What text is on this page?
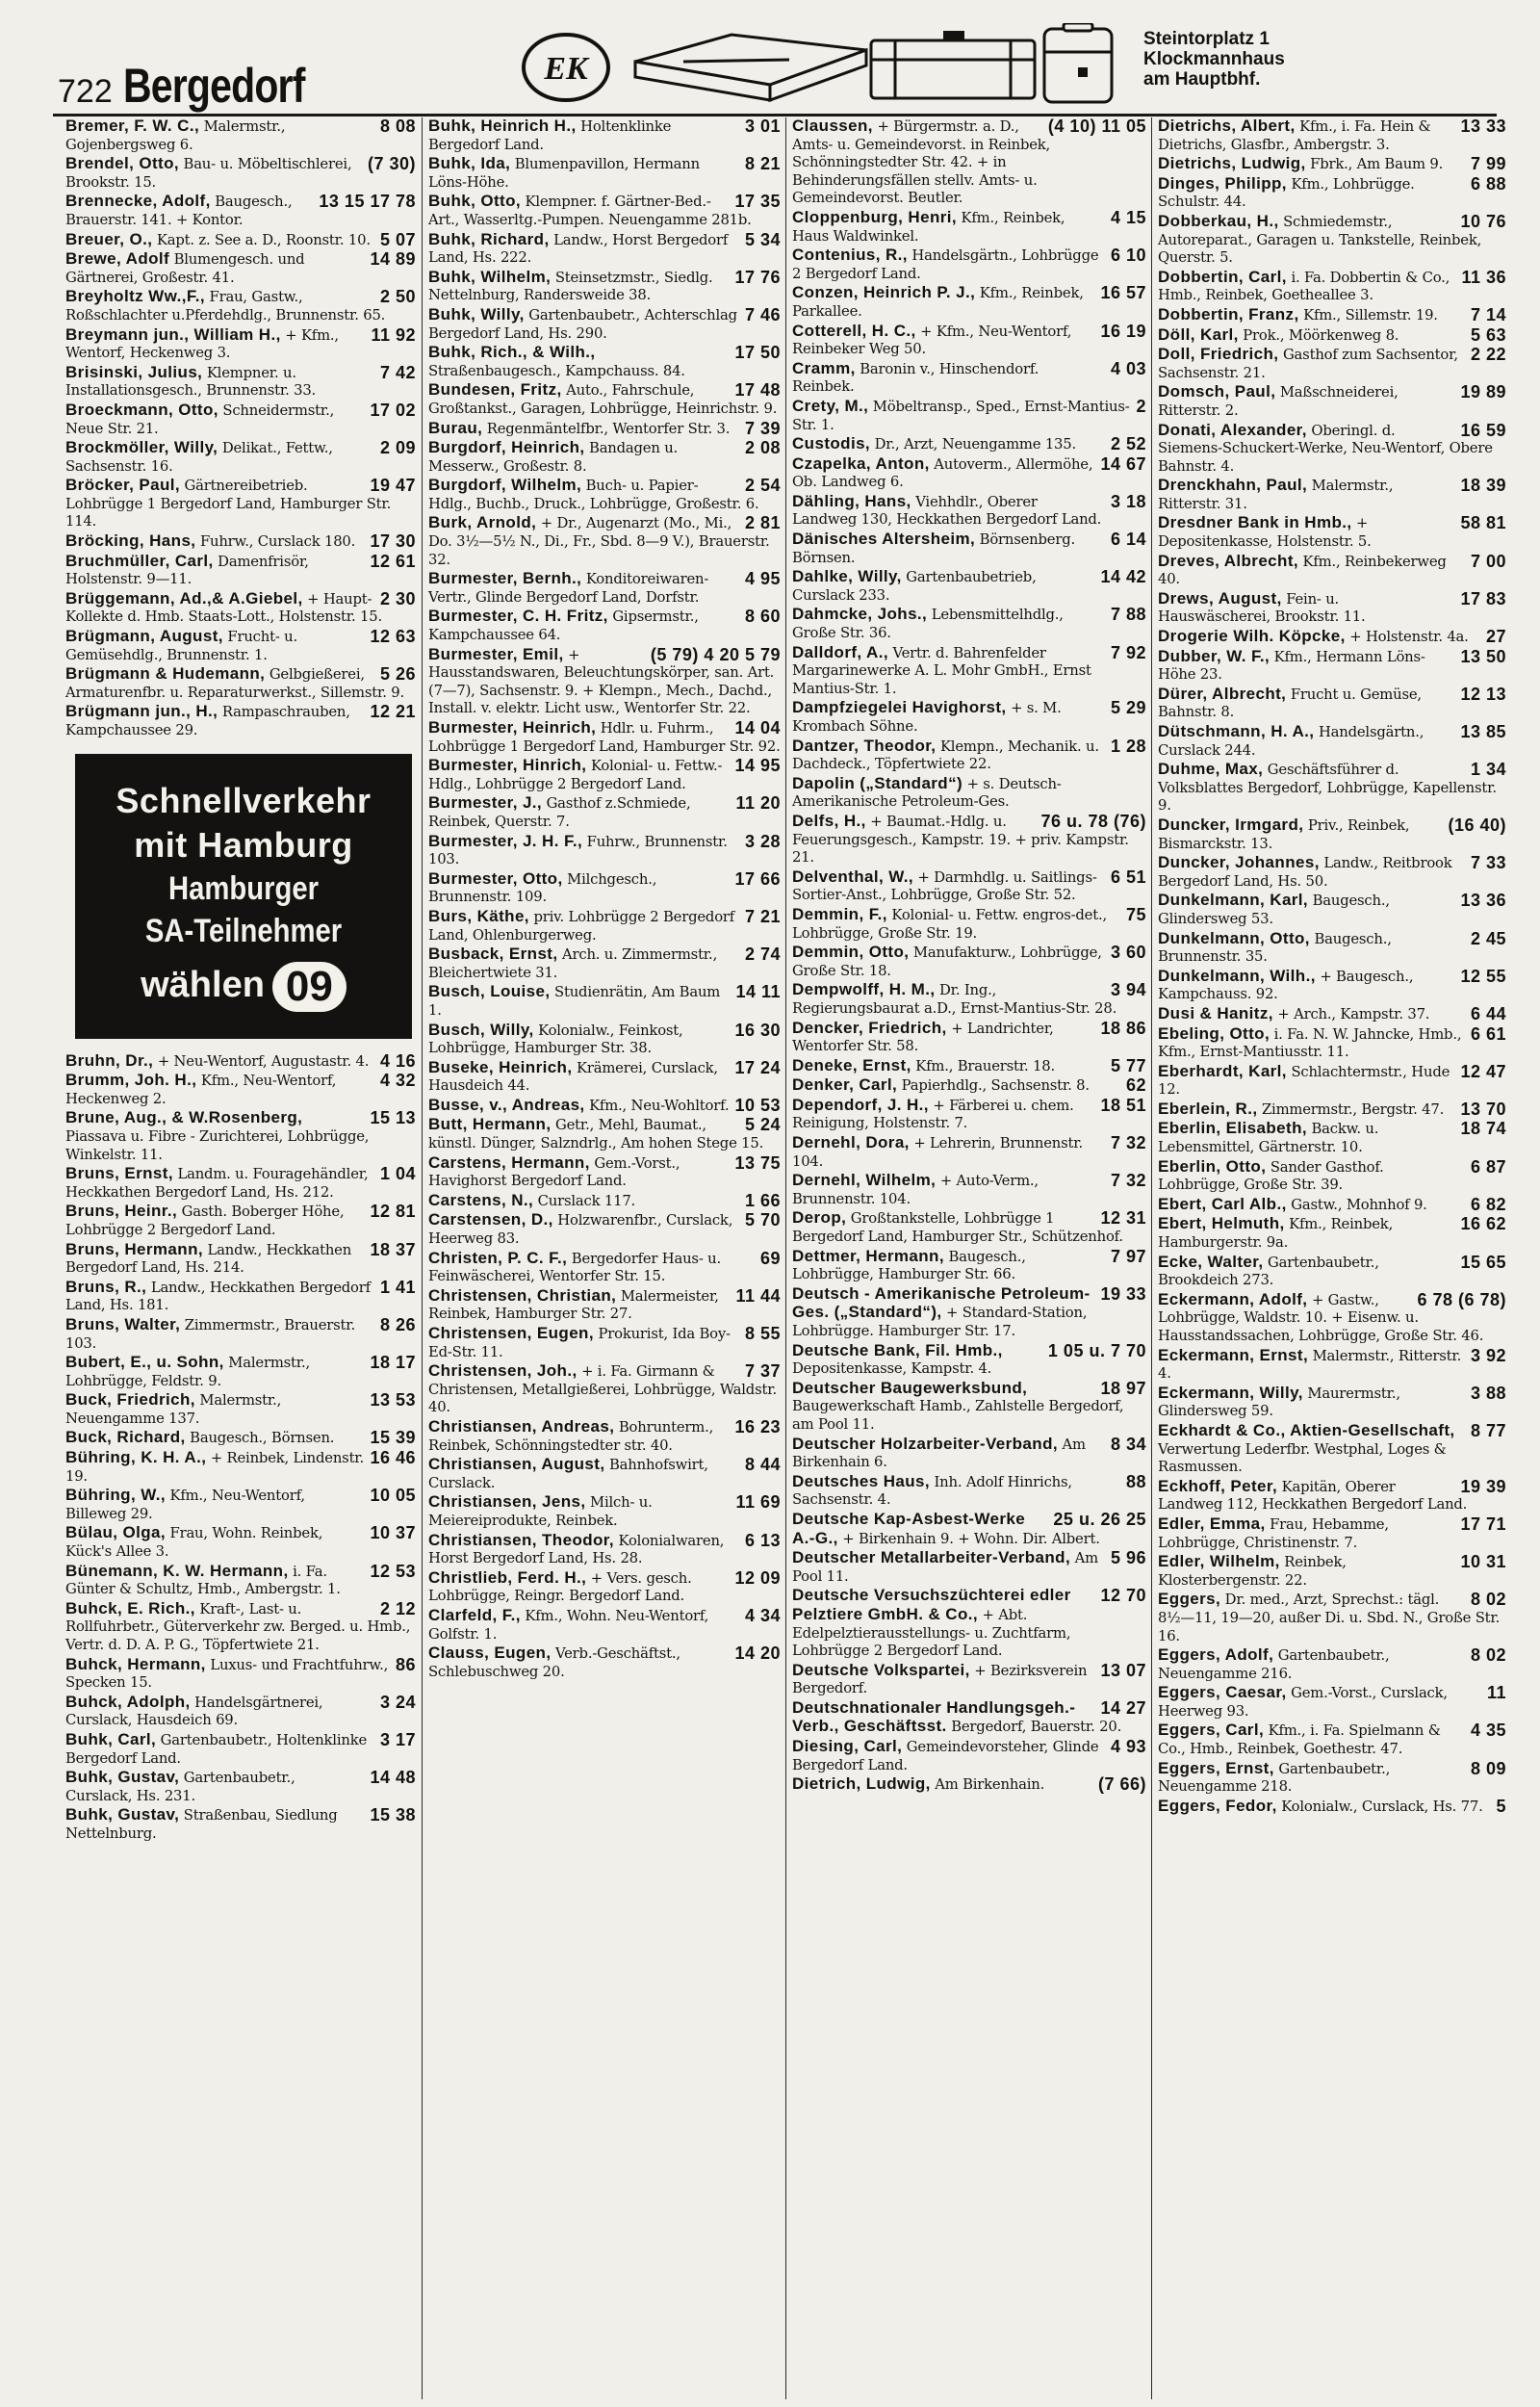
722 Bergedorf	EK
Steintorplatz 1
Klockmannhaus
am Hauptbhf.
8 08
Bremer, F. W. C., Malermstr., Gojenbergsweg 6.
(7 30)
Brendel, Otto, Bau- u. Möbeltischlerei, Brookstr. 15.
13 15 17 78
Brennecke, Adolf, Baugesch., Brauerstr. 141. + Kontor.
5 07
Breuer, O., Kapt. z. See a. D., Roonstr. 10.
14 89
Brewe, Adolf Blumengesch. und Gärtnerei, Großestr. 41.
2 50
Breyholtz Ww.,F., Frau, Gastw., Roßschlachter u.Pferdehdlg., Brunnenstr. 65.
11 92
Breymann jun., William H., + Kfm., Wentorf, Heckenweg 3.
7 42
Brisinski, Julius, Klempner. u. Installationsgesch., Brunnenstr. 33.
17 02
Broeckmann, Otto, Schneidermstr., Neue Str. 21.
2 09
Brockmöller, Willy, Delikat., Fettw., Sachsenstr. 16.
19 47
Bröcker, Paul, Gärtnereibetrieb. Lohbrügge 1 Bergedorf Land, Hamburger Str. 114.
17 30
Bröcking, Hans, Fuhrw., Curslack 180.
12 61
Bruchmüller, Carl, Damenfrisör, Holstenstr. 9—11.
2 30
Brüggemann, Ad.,& A.Giebel, + Haupt-Kollekte d. Hmb. Staats-Lott., Holstenstr. 15.
12 63
Brügmann, August, Frucht- u. Gemüsehdlg., Brunnenstr. 1.
5 26
Brügmann & Hudemann, Gelbgießerei, Armaturenfbr. u. Reparaturwerkst., Sillemstr. 9.
12 21
Brügmann jun., H., Rampaschrauben, Kampchaussee 29.
Schnellverkehr
mit Hamburg
Hamburger
SA-Teilnehmer
wählen 09
4 16
Bruhn, Dr., + Neu-Wentorf, Augustastr. 4.
4 32
Brumm, Joh. H., Kfm., Neu-Wentorf, Heckenweg 2.
15 13
Brune, Aug., & W.Rosenberg, Piassava u. Fibre - Zurichterei, Lohbrügge, Winkelstr. 11.
1 04
Bruns, Ernst, Landm. u. Fouragehändler, Heckkathen Bergedorf Land, Hs. 212.
12 81
Bruns, Heinr., Gasth. Boberger Höhe, Lohbrügge 2 Bergedorf Land.
18 37
Bruns, Hermann, Landw., Heckkathen Bergedorf Land, Hs. 214.
1 41
Bruns, R., Landw., Heckkathen Bergedorf Land, Hs. 181.
8 26
Bruns, Walter, Zimmermstr., Brauerstr. 103.
18 17
Bubert, E., u. Sohn, Malermstr., Lohbrügge, Feldstr. 9.
13 53
Buck, Friedrich, Malermstr., Neuengamme 137.
15 39
Buck, Richard, Baugesch., Börnsen.
16 46
Bühring, K. H. A., + Reinbek, Lindenstr. 19.
10 05
Bühring, W., Kfm., Neu-Wentorf, Billeweg 29.
10 37
Bülau, Olga, Frau, Wohn. Reinbek, Kück's Allee 3.
12 53
Bünemann, K. W. Hermann, i. Fa. Günter & Schultz, Hmb., Ambergstr. 1.
2 12
Buhck, E. Rich., Kraft-, Last- u. Rollfuhrbetr., Güterverkehr zw. Berged. u. Hmb., Vertr. d. D. A. P. G., Töpfertwiete 21.
86
Buhck, Hermann, Luxus- und Frachtfuhrw., Specken 15.
3 24
Buhck, Adolph, Handelsgärtnerei, Curslack, Hausdeich 69.
3 17
Buhk, Carl, Gartenbaubetr., Holtenklinke Bergedorf Land.
14 48
Buhk, Gustav, Gartenbaubetr., Curslack, Hs. 231.
15 38
Buhk, Gustav, Straßenbau, Siedlung Nettelnburg.
3 01
Buhk, Heinrich H., Holtenklinke Bergedorf Land.
8 21
Buhk, Ida, Blumenpavillon, Hermann Löns-Höhe.
17 35
Buhk, Otto, Klempner. f. Gärtner-Bed.-Art., Wasserltg.-Pumpen. Neuengamme 281b.
5 34
Buhk, Richard, Landw., Horst Bergedorf Land, Hs. 222.
17 76
Buhk, Wilhelm, Steinsetzmstr., Siedlg. Nettelnburg, Randersweide 38.
7 46
Buhk, Willy, Gartenbaubetr., Achterschlag Bergedorf Land, Hs. 290.
17 50
Buhk, Rich., & Wilh., Straßenbaugesch., Kampchauss. 84.
17 48
Bundesen, Fritz, Auto., Fahrschule, Großtankst., Garagen, Lohbrügge, Heinrichstr. 9.
7 39
Burau, Regenmäntelfbr., Wentorfer Str. 3.
2 08
Burgdorf, Heinrich, Bandagen u. Messerw., Großestr. 8.
2 54
Burgdorf, Wilhelm, Buch- u. Papier-Hdlg., Buchb., Druck., Lohbrügge, Großestr. 6.
2 81
Burk, Arnold, + Dr., Augenarzt (Mo., Mi., Do. 3½—5½ N., Di., Fr., Sbd. 8—9 V.), Brauerstr. 32.
4 95
Burmester, Bernh., Konditoreiwaren-Vertr., Glinde Bergedorf Land, Dorfstr.
8 60
Burmester, C. H. Fritz, Gipsermstr., Kampchaussee 64.
(5 79) 4 20 5 79
Burmester, Emil, + Hausstandswaren, Beleuchtungskörper, san. Art. (7—7), Sachsenstr. 9. + Klempn., Mech., Dachd., Install. v. elektr. Licht usw., Wentorfer Str. 22.
14 04
Burmester, Heinrich, Hdlr. u. Fuhrm., Lohbrügge 1 Bergedorf Land, Hamburger Str. 92.
14 95
Burmester, Hinrich, Kolonial- u. Fettw.-Hdlg., Lohbrügge 2 Bergedorf Land.
11 20
Burmester, J., Gasthof z.Schmiede, Reinbek, Querstr. 7.
3 28
Burmester, J. H. F., Fuhrw., Brunnenstr. 103.
17 66
Burmester, Otto, Milchgesch., Brunnenstr. 109.
7 21
Burs, Käthe, priv. Lohbrügge 2 Bergedorf Land, Ohlenburgerweg.
2 74
Busback, Ernst, Arch. u. Zimmermstr., Bleichertwiete 31.
14 11
Busch, Louise, Studienrätin, Am Baum 1.
16 30
Busch, Willy, Kolonialw., Feinkost, Lohbrügge, Hamburger Str. 38.
17 24
Buseke, Heinrich, Krämerei, Curslack, Hausdeich 44.
10 53
Busse, v., Andreas, Kfm., Neu-Wohltorf.
5 24
Butt, Hermann, Getr., Mehl, Baumat., künstl. Dünger, Salzndrlg., Am hohen Stege 15.
13 75
Carstens, Hermann, Gem.-Vorst., Havighorst Bergedorf Land.
1 66
Carstens, N., Curslack 117.
5 70
Carstensen, D., Holzwarenfbr., Curslack, Heerweg 83.
69
Christen, P. C. F., Bergedorfer Haus- u. Feinwäscherei, Wentorfer Str. 15.
11 44
Christensen, Christian, Malermeister, Reinbek, Hamburger Str. 27.
8 55
Christensen, Eugen, Prokurist, Ida Boy-Ed-Str. 11.
7 37
Christensen, Joh., + i. Fa. Girmann & Christensen, Metallgießerei, Lohbrügge, Waldstr. 40.
16 23
Christiansen, Andreas, Bohrunterm., Reinbek, Schönningstedter str. 40.
8 44
Christiansen, August, Bahnhofswirt, Curslack.
11 69
Christiansen, Jens, Milch- u. Meiereiprodukte, Reinbek.
6 13
Christiansen, Theodor, Kolonialwaren, Horst Bergedorf Land, Hs. 28.
12 09
Christlieb, Ferd. H., + Vers. gesch. Lohbrügge, Reingr. Bergedorf Land.
4 34
Clarfeld, F., Kfm., Wohn. Neu-Wentorf, Golfstr. 1.
14 20
Clauss, Eugen, Verb.-Geschäftst., Schlebuschweg 20.
(4 10) 11 05
Claussen, + Bürgermstr. a. D., Amts- u. Gemeindevorst. in Reinbek, Schönningstedter Str. 42. + in Behinderungsfällen stellv. Amts- u. Gemeindevorst. Beutler.
4 15
Cloppenburg, Henri, Kfm., Reinbek, Haus Waldwinkel.
6 10
Contenius, R., Handelsgärtn., Lohbrügge 2 Bergedorf Land.
16 57
Conzen, Heinrich P. J., Kfm., Reinbek, Parkallee.
16 19
Cotterell, H. C., + Kfm., Neu-Wentorf, Reinbeker Weg 50.
4 03
Cramm, Baronin v., Hinschendorf. Reinbek.
2
Crety, M., Möbeltransp., Sped., Ernst-Mantius-Str. 1.
2 52
Custodis, Dr., Arzt, Neuengamme 135.
14 67
Czapelka, Anton, Autoverm., Allermöhe, Ob. Landweg 6.
3 18
Dähling, Hans, Viehhdlr., Oberer Landweg 130, Heckkathen Bergedorf Land.
6 14
Dänisches Altersheim, Börnsenberg. Börnsen.
14 42
Dahlke, Willy, Gartenbaubetrieb, Curslack 233.
7 88
Dahmcke, Johs., Lebensmittelhdlg., Große Str. 36.
7 92
Dalldorf, A., Vertr. d. Bahrenfelder Margarinewerke A. L. Mohr GmbH., Ernst Mantius-Str. 1.
5 29
Dampfziegelei Havighorst, + s. M. Krombach Söhne.
1 28
Dantzer, Theodor, Klempn., Mechanik. u. Dachdeck., Töpfertwiete 22.
Dapolin („Standard“) + s. Deutsch-Amerikanische Petroleum-Ges.
76 u. 78 (76)
Delfs, H., + Baumat.-Hdlg. u. Feuerungsgesch., Kampstr. 19. + priv. Kampstr. 21.
6 51
Delventhal, W., + Darmhdlg. u. Saitlings-Sortier-Anst., Lohbrügge, Große Str. 52.
75
Demmin, F., Kolonial- u. Fettw. engros-det., Lohbrügge, Große Str. 19.
3 60
Demmin, Otto, Manufakturw., Lohbrügge, Große Str. 18.
3 94
Dempwolff, H. M., Dr. Ing., Regierungsbaurat a.D., Ernst-Mantius-Str. 28.
18 86
Dencker, Friedrich, + Landrichter, Wentorfer Str. 58.
5 77
Deneke, Ernst, Kfm., Brauerstr. 18.
62
Denker, Carl, Papierhdlg., Sachsenstr. 8.
18 51
Dependorf, J. H., + Färberei u. chem. Reinigung, Holstenstr. 7.
7 32
Dernehl, Dora, + Lehrerin, Brunnenstr. 104.
7 32
Dernehl, Wilhelm, + Auto-Verm., Brunnenstr. 104.
12 31
Derop, Großtankstelle, Lohbrügge 1 Bergedorf Land, Hamburger Str., Schützenhof.
7 97
Dettmer, Hermann, Baugesch., Lohbrügge, Hamburger Str. 66.
19 33
Deutsch - Amerikanische Petroleum-Ges. („Standard“), + Standard-Station, Lohbrügge. Hamburger Str. 17.
1 05 u. 7 70
Deutsche Bank, Fil. Hmb., Depositenkasse, Kampstr. 4.
18 97
Deutscher Baugewerksbund, Baugewerkschaft Hamb., Zahlstelle Bergedorf, am Pool 11.
8 34
Deutscher Holzarbeiter-Verband, Am Birkenhain 6.
88
Deutsches Haus, Inh. Adolf Hinrichs, Sachsenstr. 4.
25 u. 26 25
Deutsche Kap-Asbest-Werke A.-G., + Birkenhain 9. + Wohn. Dir. Albert.
5 96
Deutscher Metallarbeiter-Verband, Am Pool 11.
12 70
Deutsche Versuchszüchterei edler Pelztiere GmbH. & Co., + Abt. Edelpelztierausstellungs- u. Zuchtfarm, Lohbrügge 2 Bergedorf Land.
13 07
Deutsche Volkspartei, + Bezirksverein Bergedorf.
14 27
Deutschnationaler Handlungsgeh.-Verb., Geschäftsst. Bergedorf, Bauerstr. 20.
4 93
Diesing, Carl, Gemeindevorsteher, Glinde Bergedorf Land.
(7 66)
Dietrich, Ludwig, Am Birkenhain.
13 33
Dietrichs, Albert, Kfm., i. Fa. Hein & Dietrichs, Glasfbr., Ambergstr. 3.
7 99
Dietrichs, Ludwig, Fbrk., Am Baum 9.
6 88
Dinges, Philipp, Kfm., Lohbrügge. Schulstr. 44.
10 76
Dobberkau, H., Schmiedemstr., Autoreparat., Garagen u. Tankstelle, Reinbek, Querstr. 5.
11 36
Dobbertin, Carl, i. Fa. Dobbertin & Co., Hmb., Reinbek, Goetheallee 3.
7 14
Dobbertin, Franz, Kfm., Sillemstr. 19.
5 63
Döll, Karl, Prok., Möörkenweg 8.
2 22
Doll, Friedrich, Gasthof zum Sachsentor, Sachsenstr. 21.
19 89
Domsch, Paul, Maßschneiderei, Ritterstr. 2.
16 59
Donati, Alexander, Oberingl. d. Siemens-Schuckert-Werke, Neu-Wentorf, Obere Bahnstr. 4.
18 39
Drenckhahn, Paul, Malermstr., Ritterstr. 31.
58 81
Dresdner Bank in Hmb., + Depositenkasse, Holstenstr. 5.
7 00
Dreves, Albrecht, Kfm., Reinbekerweg 40.
17 83
Drews, August, Fein- u. Hauswäscherei, Brookstr. 11.
27
Drogerie Wilh. Köpcke, + Holstenstr. 4a.
13 50
Dubber, W. F., Kfm., Hermann Löns-Höhe 23.
12 13
Dürer, Albrecht, Frucht u. Gemüse, Bahnstr. 8.
13 85
Dütschmann, H. A., Handelsgärtn., Curslack 244.
1 34
Duhme, Max, Geschäftsführer d. Volksblattes Bergedorf, Lohbrügge, Kapellenstr. 9.
(16 40)
Duncker, Irmgard, Priv., Reinbek, Bismarckstr. 13.
7 33
Duncker, Johannes, Landw., Reitbrook Bergedorf Land, Hs. 50.
13 36
Dunkelmann, Karl, Baugesch., Glindersweg 53.
2 45
Dunkelmann, Otto, Baugesch., Brunnenstr. 35.
12 55
Dunkelmann, Wilh., + Baugesch., Kampchauss. 92.
6 44
Dusi & Hanitz, + Arch., Kampstr. 37.
6 61
Ebeling, Otto, i. Fa. N. W. Jahncke, Hmb., Kfm., Ernst-Mantiusstr. 11.
12 47
Eberhardt, Karl, Schlachtermstr., Hude 12.
13 70
Eberlein, R., Zimmermstr., Bergstr. 47.
18 74
Eberlin, Elisabeth, Backw. u. Lebensmittel, Gärtnerstr. 10.
6 87
Eberlin, Otto, Sander Gasthof. Lohbrügge, Große Str. 39.
6 82
Ebert, Carl Alb., Gastw., Mohnhof 9.
16 62
Ebert, Helmuth, Kfm., Reinbek, Hamburgerstr. 9a.
15 65
Ecke, Walter, Gartenbaubetr., Brookdeich 273.
6 78 (6 78)
Eckermann, Adolf, + Gastw., Lohbrügge, Waldstr. 10. + Eisenw. u. Hausstandssachen, Lohbrügge, Große Str. 46.
3 92
Eckermann, Ernst, Malermstr., Ritterstr. 4.
3 88
Eckermann, Willy, Maurermstr., Glindersweg 59.
8 77
Eckhardt & Co., Aktien-Gesellschaft, Verwertung Lederfbr. Westphal, Loges & Rasmussen.
19 39
Eckhoff, Peter, Kapitän, Oberer Landweg 112, Heckkathen Bergedorf Land.
17 71
Edler, Emma, Frau, Hebamme, Lohbrügge, Christinenstr. 7.
10 31
Edler, Wilhelm, Reinbek, Klosterbergenstr. 22.
8 02
Eggers, Dr. med., Arzt, Sprechst.: tägl. 8½—11, 19—20, außer Di. u. Sbd. N., Große Str. 16.
8 02
Eggers, Adolf, Gartenbaubetr., Neuengamme 216.
11
Eggers, Caesar, Gem.-Vorst., Curslack, Heerweg 93.
4 35
Eggers, Carl, Kfm., i. Fa. Spielmann & Co., Hmb., Reinbek, Goethestr. 47.
8 09
Eggers, Ernst, Gartenbaubetr., Neuengamme 218.
5
Eggers, Fedor, Kolonialw., Curslack, Hs. 77.
